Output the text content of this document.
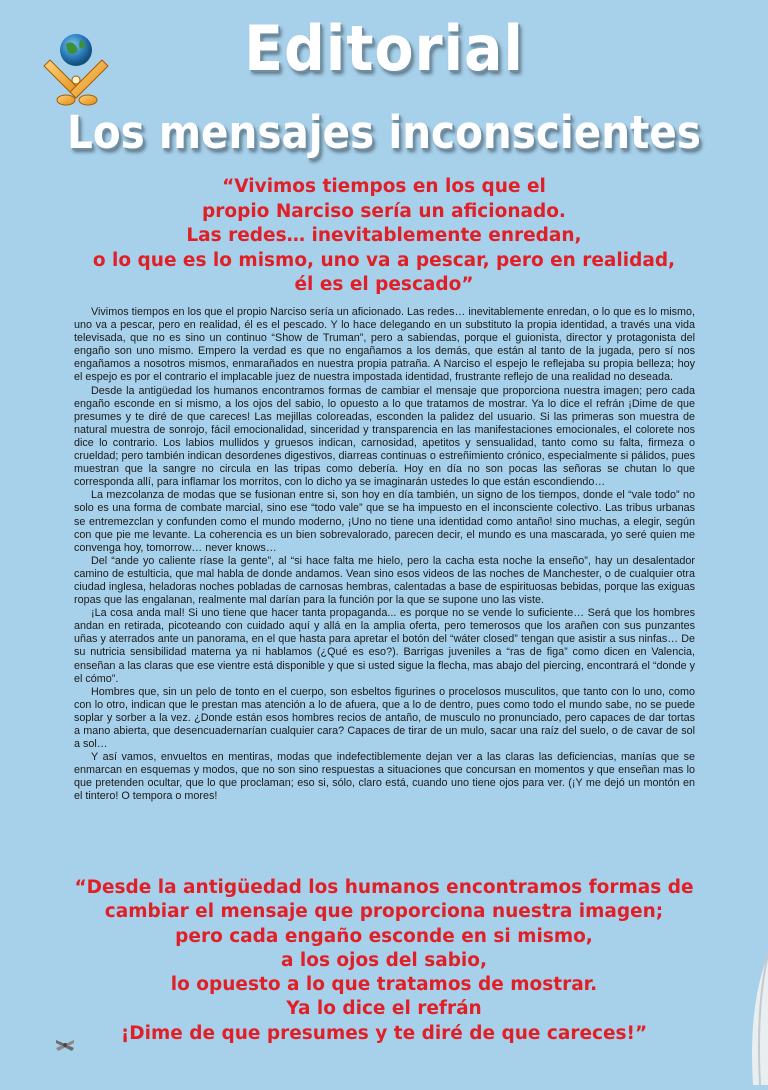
Editorial
Los mensajes inconscientes
“Vivimos tiempos en los que el
propio Narciso sería un aficionado.
Las redes… inevitablemente enredan,
o lo que es lo mismo, uno va a pescar, pero en realidad,
él es el pescado”

Vivimos tiempos en los que el propio Narciso sería un aficionado. Las redes… inevitablemente enredan, o lo que es lo mismo, uno va a pescar, pero en realidad, él es el pescado. Y lo hace delegando en un substituto la propia identidad, a través una vida televisada, que no es sino un continuo “Show de Truman”, pero a sabiendas, porque el guionista, director y protagonista del engaño son uno mismo. Empero la verdad es que no engañamos a los demás, que están al tanto de la jugada, pero sí nos engañamos a nosotros mismos, enmarañados en nuestra propia patraña. A Narciso el espejo le reflejaba su propia belleza; hoy el espejo es por el contrario el implacable juez de nuestra impostada identidad, frustrante reflejo de una realidad no deseada.

Desde la antigüedad los humanos encontramos formas de cambiar el mensaje que proporciona nuestra imagen; pero cada engaño esconde en si mismo, a los ojos del sabio, lo opuesto a lo que tratamos de mostrar. Ya lo dice el refrán ¡Dime de que presumes y te diré de que careces! Las mejillas coloreadas, esconden la palidez del usuario. Si las primeras son muestra de natural muestra de sonrojo, fácil emocionalidad, sinceridad y transparencia en las manifestaciones emocionales, el colorete nos dice lo contrario. Los labios mullidos y gruesos indican, carnosidad, apetitos y sensualidad, tanto como su falta, firmeza o crueldad; pero también indican desordenes digestivos, diarreas continuas o estreñimiento crónico, especialmente si pálidos, pues muestran que la sangre no circula en las tripas como debería. Hoy en día no son pocas las señoras se chutan lo que corresponda allí, para inflamar los morritos, con lo dicho ya se imaginarán ustedes lo que están escondiendo…

La mezcolanza de modas que se fusionan entre si, son hoy en día también, un signo de los tiempos, donde el “vale todo” no solo es una forma de combate marcial, sino ese “todo vale” que se ha impuesto en el inconsciente colectivo. Las tribus urbanas se entremezclan y confunden como el mundo moderno, ¡Uno no tiene una identidad como antaño! sino muchas, a elegir, según con que pie me levante. La coherencia es un bien sobrevalorado, parecen decir, el mundo es una mascarada, yo seré quien me convenga hoy, tomorrow… never knows…

Del “ande yo caliente ríase la gente”, al “si hace falta me hielo, pero la cacha esta noche la enseño”, hay un desalentador camino de estulticia, que mal habla de donde andamos. Vean sino esos videos de las noches de Manchester, o de cualquier otra ciudad inglesa, heladoras noches pobladas de carnosas hembras, calentadas a base de espirituosas bebidas, porque las exiguas ropas que las engalanan, realmente mal darían para la función por la que se supone uno las viste.

¡La cosa anda mal! Si uno tiene que hacer tanta propaganda... es porque no se vende lo suficiente… Será que los hombres andan en retirada, picoteando con cuidado aquí y allá en la amplia oferta, pero temerosos que los arañen con sus punzantes uñas y aterrados ante un panorama, en el que hasta para apretar el botón del “wáter closed” tengan que asistir a sus ninfas… De su nutricia sensibilidad materna ya ni hablamos (¿Qué es eso?). Barrigas juveniles a “ras de figa” como dicen en Valencia, enseñan a las claras que ese vientre está disponible y que si usted sigue la flecha, mas abajo del piercing, encontrará el “donde y el cómo”.

Hombres que, sin un pelo de tonto en el cuerpo, son esbeltos figurines o procelosos musculitos, que tanto con lo uno, como con lo otro, indican que le prestan mas atención a lo de afuera, que a lo de dentro, pues como todo el mundo sabe, no se puede soplar y sorber a la vez. ¿Donde están esos hombres recios de antaño, de musculo no pronunciado, pero capaces de dar tortas a mano abierta, que desencuadernarían cualquier cara? Capaces de tirar de un mulo, sacar una raíz del suelo, o de cavar de sol a sol…

Y así vamos, envueltos en mentiras, modas que indefectiblemente dejan ver a las claras las deficiencias, manías que se enmarcan en esquemas y modos, que no son sino respuestas a situaciones que concursan en momentos y que enseñan mas lo que pretenden ocultar, que lo que proclaman; eso si, sólo, claro está, cuando uno tiene ojos para ver. (¡Y me dejó un montón en el tintero! O tempora o mores!

“Desde la antigüedad los humanos encontramos formas de
cambiar el mensaje que proporciona nuestra imagen;
pero cada engaño esconde en si mismo,
a los ojos del sabio,
lo opuesto a lo que tratamos de mostrar.
Ya lo dice el refrán
¡Dime de que presumes y te diré de que careces!”
